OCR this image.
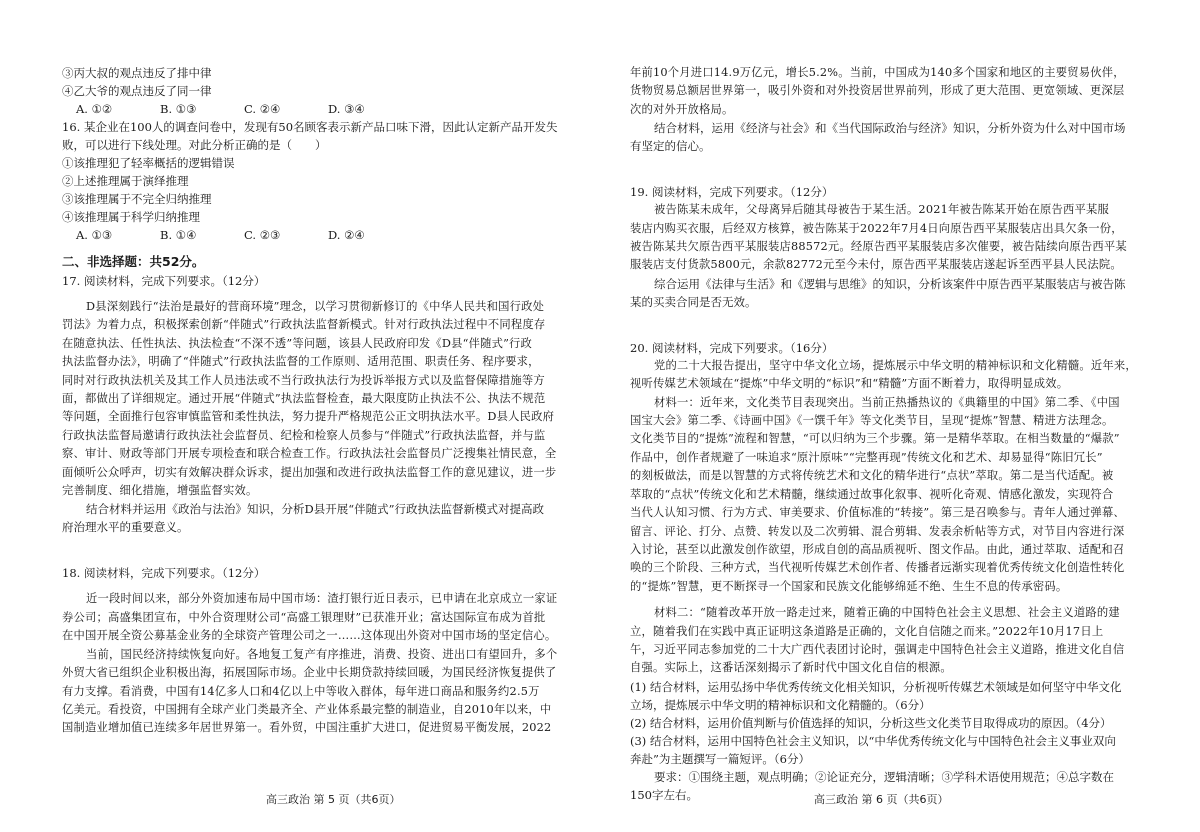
③丙大叔的观点违反了排中律
④乙大爷的观点违反了同一律
A. ①②	B. ①③	C. ②④	D. ③④
16. 某企业在100人的调查问卷中，发现有50名顾客表示新产品口味下滑，因此认定新产品开发失
败，可以进行下线处理。对此分析正确的是（　　）
①该推理犯了轻率概括的逻辑错误
②上述推理属于演绎推理
③该推理属于不完全归纳推理
④该推理属于科学归纳推理
A. ①③	B. ①④	C. ②③	D. ②④
二、非选择题：共52分。
17. 阅读材料，完成下列要求。（12分）
D县深刻践行“法治是最好的营商环境”理念，以学习贯彻新修订的《中华人民共和国行政处
罚法》为着力点，积极探索创新“伴随式”行政执法监督新模式。针对行政执法过程中不同程度存
在随意执法、任性执法、执法检查“不深不透”等问题，该县人民政府印发《D县“伴随式”行政
执法监督办法》，明确了“伴随式”行政执法监督的工作原则、适用范围、职责任务、程序要求，
同时对行政执法机关及其工作人员违法或不当行政执法行为投诉举报方式以及监督保障措施等方
面，都做出了详细规定。通过开展“伴随式”执法监督检查，最大限度防止执法不公、执法不规范
等问题，全面推行包容审慎监管和柔性执法，努力提升严格规范公正文明执法水平。D县人民政府
行政执法监督局邀请行政执法社会监督员、纪检和检察人员参与“伴随式”行政执法监督，并与监
察、审计、财政等部门开展专项检查和联合检查工作。行政执法社会监督员广泛搜集社情民意，全
面倾听公众呼声，切实有效解决群众诉求，提出加强和改进行政执法监督工作的意见建议，进一步
完善制度、细化措施，增强监督实效。
结合材料并运用《政治与法治》知识，分析D县开展“伴随式”行政执法监督新模式对提高政
府治理水平的重要意义。
18. 阅读材料，完成下列要求。（12分）
近一段时间以来，部分外资加速布局中国市场：渣打银行近日表示，已申请在北京成立一家证
券公司；高盛集团宣布，中外合资理财公司“高盛工银理财”已获准开业；富达国际宣布成为首批
在中国开展全资公募基金业务的全球资产管理公司之一……这体现出外资对中国市场的坚定信心。
当前，国民经济持续恢复向好。各地复工复产有序推进，消费、投资、进出口有望回升，多个
外贸大省已组织企业积极出海，拓展国际市场。企业中长期贷款持续回暖，为国民经济恢复提供了
有力支撑。看消费，中国有14亿多人口和4亿以上中等收入群体，每年进口商品和服务约2.5万
亿美元。看投资，中国拥有全球产业门类最齐全、产业体系最完整的制造业，自2010年以来，中
国制造业增加值已连续多年居世界第一。看外贸，中国注重扩大进口，促进贸易平衡发展，2022
年前10个月进口14.9万亿元，增长5.2%。当前，中国成为140多个国家和地区的主要贸易伙伴，
货物贸易总额居世界第一，吸引外资和对外投资居世界前列，形成了更大范围、更宽领域、更深层
次的对外开放格局。
结合材料，运用《经济与社会》和《当代国际政治与经济》知识，分析外资为什么对中国市场
有坚定的信心。
19. 阅读材料，完成下列要求。（12分）
被告陈某未成年，父母离异后随其母被告于某生活。2021年被告陈某开始在原告西平某服
装店内购买衣服，后经双方核算，被告陈某于2022年7月4日向原告西平某服装店出具欠条一份，
被告陈某共欠原告西平某服装店88572元。经原告西平某服装店多次催要，被告陆续向原告西平某
服装店支付货款5800元，余款82772元至今未付，原告西平某服装店遂起诉至西平县人民法院。
综合运用《法律与生活》和《逻辑与思维》的知识，分析该案件中原告西平某服装店与被告陈
某的买卖合同是否无效。
20. 阅读材料，完成下列要求。（16分）
党的二十大报告提出，坚守中华文化立场，提炼展示中华文明的精神标识和文化精髓。近年来，
视听传媒艺术领域在“提炼”中华文明的“标识”和“精髓”方面不断着力，取得明显成效。
材料一：近年来，文化类节目表现突出。当前正热播热议的《典籍里的中国》第二季、《中国
国宝大会》第二季、《诗画中国》《一馔千年》等文化类节目，呈现“提炼”智慧、精进方法理念。
文化类节目的“提炼”流程和智慧，“可以归纳为三个步骤。第一是精华萃取。在相当数量的“爆款”
作品中，创作者规避了一味追求“原汁原味”“完整再现”传统文化和艺术、却易显得“陈旧冗长”
的刻板做法，而是以智慧的方式将传统艺术和文化的精华进行“点状”萃取。第二是当代适配。被
萃取的“点状”传统文化和艺术精髓，继续通过故事化叙事、视听化奇观、情感化激发，实现符合
当代人认知习惯、行为方式、审美要求、价值标准的“转接”。第三是召唤参与。青年人通过弹幕、
留言、评论、打分、点赞、转发以及二次剪辑、混合剪辑、发表余析帖等方式，对节目内容进行深
入讨论，甚至以此激发创作欲望，形成自创的高品质视听、图文作品。由此，通过萃取、适配和召
唤的三个阶段、三种方式，当代视听传媒艺术创作者、传播者远渐实现着优秀传统文化创造性转化
的“提炼”智慧，更不断探寻一个国家和民族文化能够绵延不绝、生生不息的传承密码。
材料二：“随着改革开放一路走过来，随着正确的中国特色社会主义思想、社会主义道路的建
立，随着我们在实践中真正证明这条道路是正确的，文化自信随之而来。”2022年10月17日上
午，习近平同志参加党的二十大广西代表团讨论时，强调走中国特色社会主义道路，推进文化自信
自强。实际上，这番话深刻揭示了新时代中国文化自信的根源。
(1) 结合材料，运用弘扬中华优秀传统文化相关知识，分析视听传媒艺术领域是如何坚守中华文化
立场，提炼展示中华文明的精神标识和文化精髓的。（6分）
(2) 结合材料，运用价值判断与价值选择的知识，分析这些文化类节目取得成功的原因。（4分）
(3) 结合材料，运用中国特色社会主义知识，以“中华优秀传统文化与中国特色社会主义事业双向
奔赴”为主题撰写一篇短评。（6分）
要求：①围绕主题，观点明确；②论证充分，逻辑清晰；③学科术语使用规范；④总字数在
150字左右。
高三政治 第 5 页（共6页）	高三政治 第 6 页（共6页）
